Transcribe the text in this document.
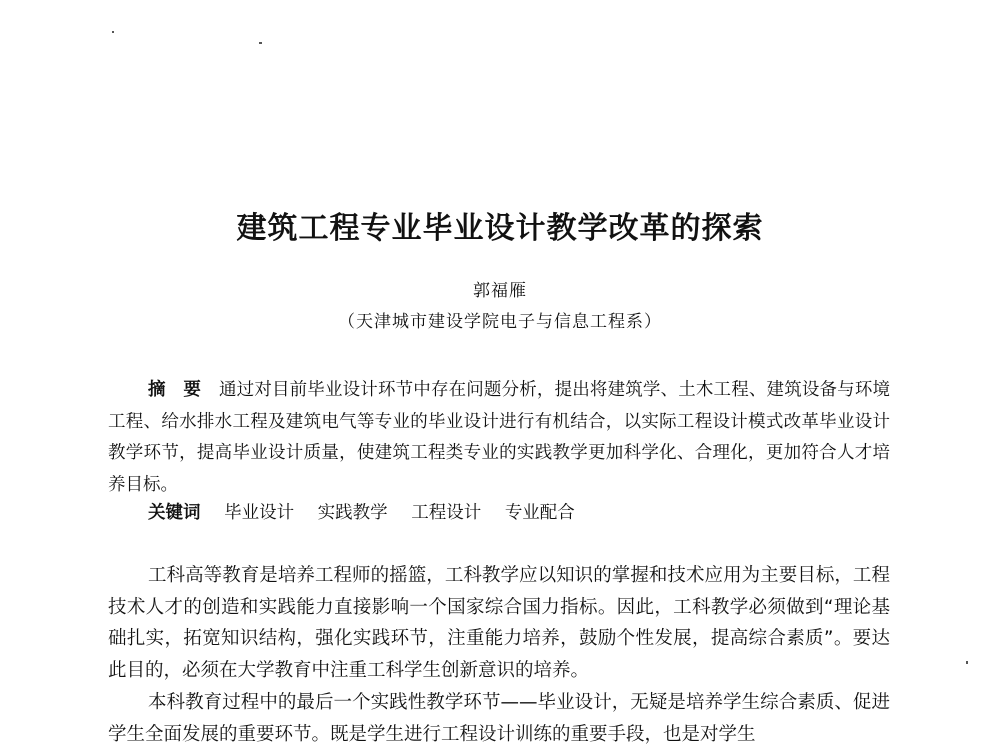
建筑工程专业毕业设计教学改革的探索
郭福雁
（天津城市建设学院电子与信息工程系）

摘　要 通过对目前毕业设计环节中存在问题分析，提出将建筑学、土木工程、建筑设备与环境工程、给水排水工程及建筑电气等专业的毕业设计进行有机结合，以实际工程设计模式改革毕业设计教学环节，提高毕业设计质量，使建筑工程类专业的实践教学更加科学化、合理化，更加符合人才培养目标。

关键词 毕业设计 实践教学 工程设计 专业配合

工科高等教育是培养工程师的摇篮，工科教学应以知识的掌握和技术应用为主要目标，工程技术人才的创造和实践能力直接影响一个国家综合国力指标。因此，工科教学必须做到“理论基础扎实，拓宽知识结构，强化实践环节，注重能力培养，鼓励个性发展，提高综合素质”。要达此目的，必须在大学教育中注重工科学生创新意识的培养。

本科教育过程中的最后一个实践性教学环节——毕业设计，无疑是培养学生综合素质、促进学生全面发展的重要环节。既是学生进行工程设计训练的重要手段，也是对学生
